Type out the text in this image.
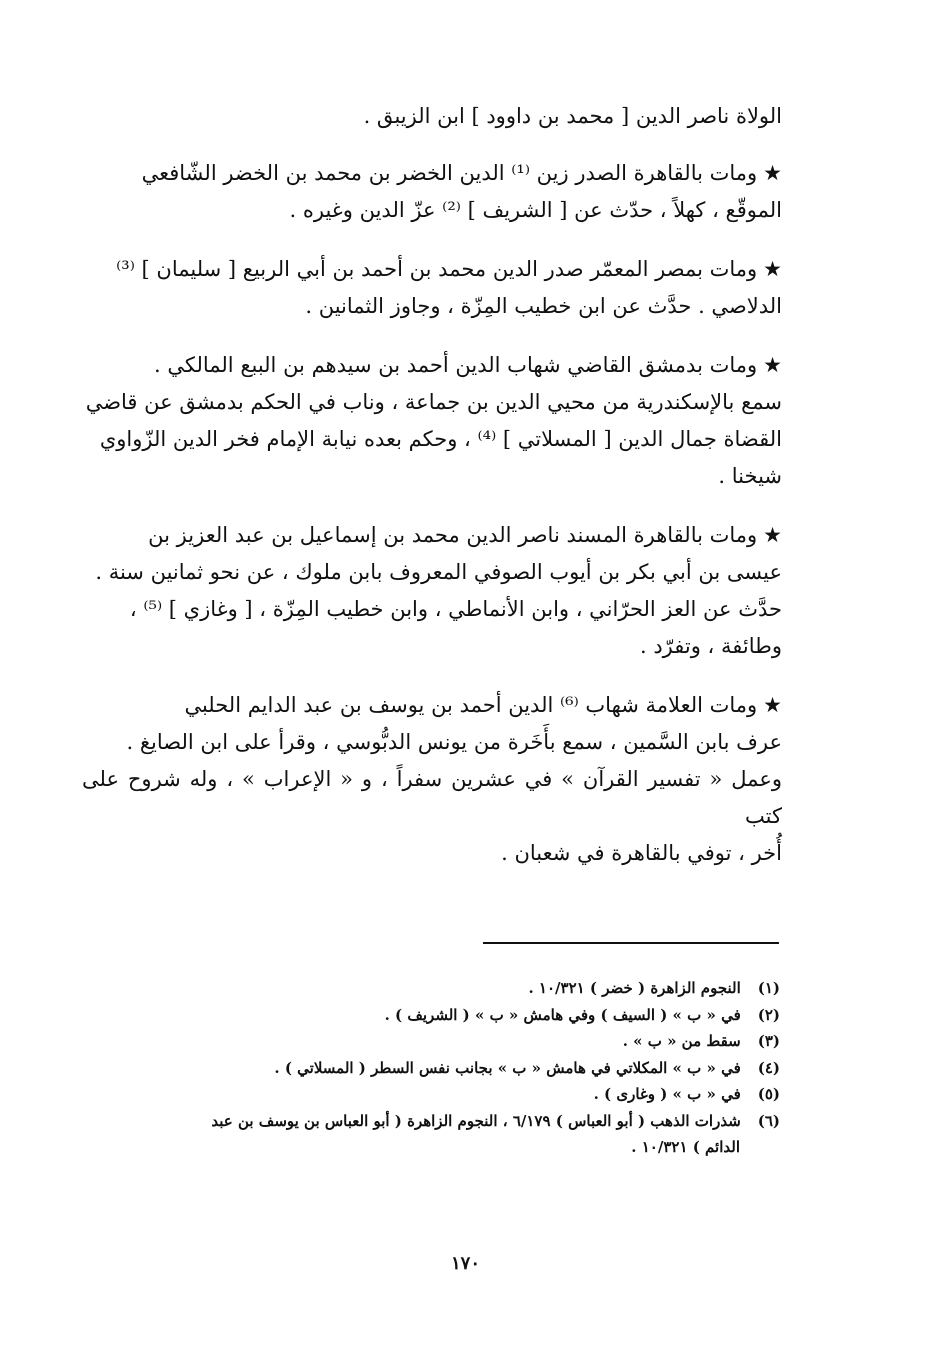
الولاة ناصر الدين [ محمد بن داوود ] ابن الزيبق .

★ومات بالقاهرة الصدر زين ⁽¹⁾ الدين الخضر بن محمد بن الخضر الشّافعي
الموقّع ، كهلاً ، حدّث عن [ الشريف ] ⁽²⁾ عزّ الدين وغيره .

★ومات بمصر المعمّر صدر الدين محمد بن أحمد بن أبي الربيع [ سليمان ] ⁽³⁾
الدلاصي . حدَّث عن ابن خطيب المِزّة ، وجاوز الثمانين .

★ومات بدمشق القاضي شهاب الدين أحمد بن سيدهم بن الببع المالكي .
سمع بالإسكندرية من محيي الدين بن جماعة ، وناب في الحكم بدمشق عن قاضي
القضاة جمال الدين [ المسلاتي ] ⁽⁴⁾ ، وحكم بعده نيابة الإمام فخر الدين الزّواوي
شيخنا .

★ومات بالقاهرة المسند ناصر الدين محمد بن إسماعيل بن عبد العزيز بن
عيسى بن أبي بكر بن أيوب الصوفي المعروف بابن ملوك ، عن نحو ثمانين سنة .
حدَّث عن العز الحرّاني ، وابن الأنماطي ، وابن خطيب المِزّة ، [ وغازي ] ⁽⁵⁾ ،
وطائفة ، وتفرّد .

★ومات العلامة شهاب ⁽⁶⁾ الدين أحمد بن يوسف بن عبد الدايم الحلبي
عرف بابن السَّمين ، سمع بأَخَرة من يونس الدبُّوسي ، وقرأ على ابن الصايغ .
وعمل « تفسير القرآن » في عشرين سفراً ، و « الإعراب » ، وله شروح على كتب
أُخر ، توفي بالقاهرة في شعبان .

(١) النجوم الزاهرة ( خضر ) ١٠/٣٢١ .

(٢) في « ب » ( السيف ) وفي هامش « ب » ( الشريف ) .

(٣) سقط من « ب » .

(٤) في « ب » المكلاتي في هامش « ب » بجانب نفس السطر ( المسلاتي ) .

(٥) في « ب » ( وغارى ) .

(٦) شذرات الذهب ( أبو العباس ) ٦/١٧٩ ، النجوم الزاهرة ( أبو العباس بن يوسف بن عبد

الدائم ) ١٠/٣٢١ .

١٧٠
